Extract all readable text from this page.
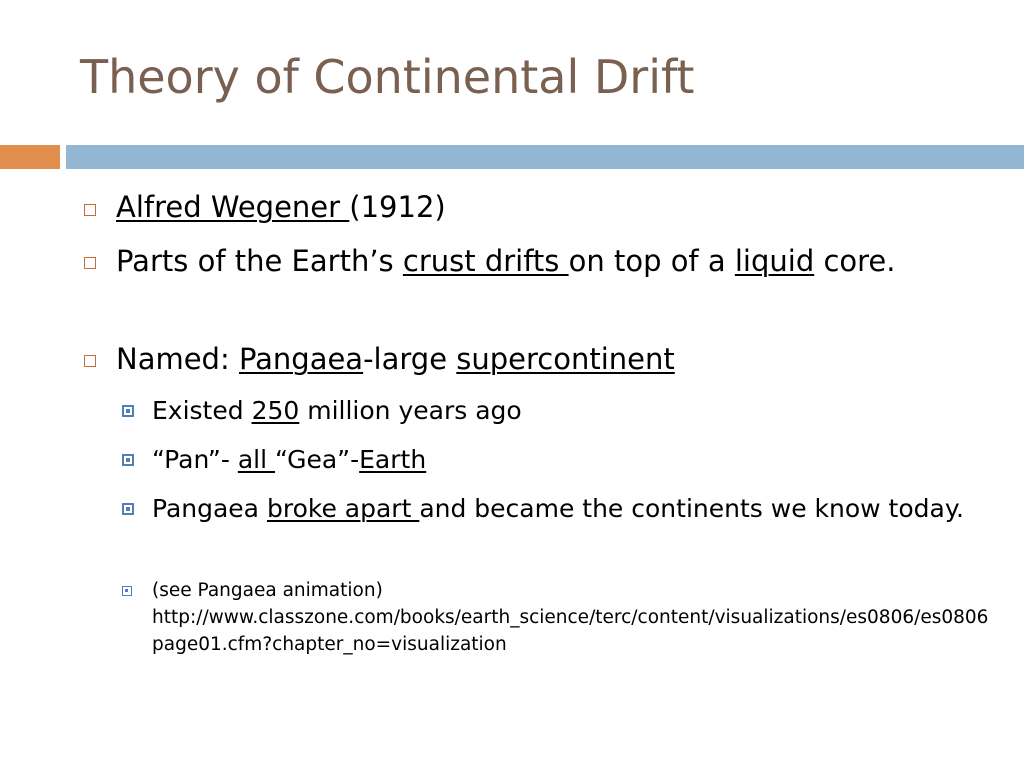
Theory of Continental Drift
Alfred Wegener (1912)
Parts of the Earth’s crust drifts on top of a liquid core.
Named: Pangaea-large supercontinent
Existed 250 million years ago
“Pan”- all “Gea”-Earth
Pangaea broke apart and became the continents we know today.
(see Pangaea animation)
http://www.classzone.com/books/earth_science/terc/content/visualizations/es0806/es0806page01.cfm?chapter_no=visualization
